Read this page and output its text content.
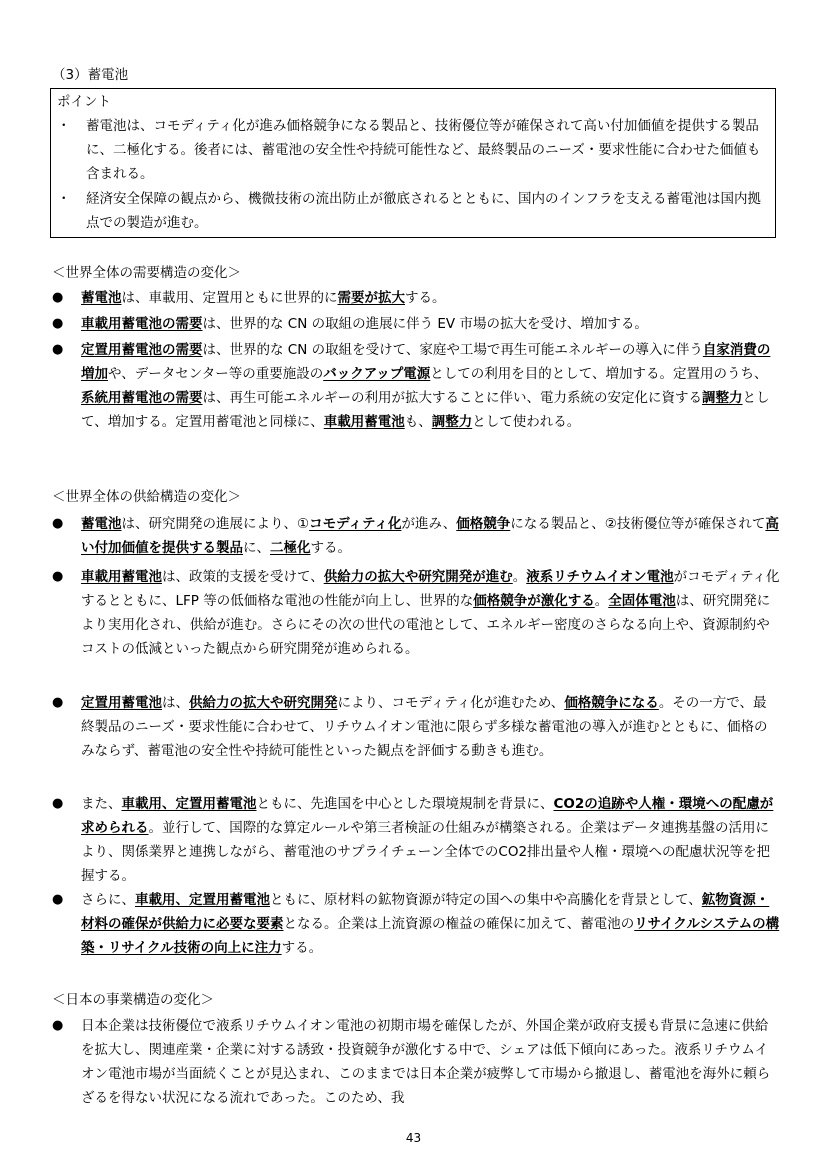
（3）蓄電池
ポイント
・ 蓄電池は、コモディティ化が進み価格競争になる製品と、技術優位等が確保されて高い付加価値を提供する製品に、二極化する。後者には、蓄電池の安全性や持続可能性など、最終製品のニーズ・要求性能に合わせた価値も含まれる。
・ 経済安全保障の観点から、機微技術の流出防止が徹底されるとともに、国内のインフラを支える蓄電池は国内拠点での製造が進む。
＜世界全体の需要構造の変化＞
● 蓄電池は、車載用、定置用ともに世界的に需要が拡大する。
● 車載用蓄電池の需要は、世界的な CN の取組の進展に伴う EV 市場の拡大を受け、増加する。
● 定置用蓄電池の需要は、世界的な CN の取組を受けて、家庭や工場で再生可能エネルギーの導入に伴う自家消費の増加や、データセンター等の重要施設のバックアップ電源としての利用を目的として、増加する。定置用のうち、系統用蓄電池の需要は、再生可能エネルギーの利用が拡大することに伴い、電力系統の安定化に資する調整力として、増加する。定置用蓄電池と同様に、車載用蓄電池も、調整力として使われる。
＜世界全体の供給構造の変化＞
● 蓄電池は、研究開発の進展により、①コモディティ化が進み、価格競争になる製品と、②技術優位等が確保されて高い付加価値を提供する製品に、二極化する。
● 車載用蓄電池は、政策的支援を受けて、供給力の拡大や研究開発が進む。液系リチウムイオン電池がコモディティ化するとともに、LFP 等の低価格な電池の性能が向上し、世界的な価格競争が激化する。全固体電池は、研究開発により実用化され、供給が進む。さらにその次の世代の電池として、エネルギー密度のさらなる向上や、資源制約やコストの低減といった観点から研究開発が進められる。
● 定置用蓄電池は、供給力の拡大や研究開発により、コモディティ化が進むため、価格競争になる。その一方で、最終製品のニーズ・要求性能に合わせて、リチウムイオン電池に限らず多様な蓄電池の導入が進むとともに、価格のみならず、蓄電池の安全性や持続可能性といった観点を評価する動きも進む。
● また、車載用、定置用蓄電池ともに、先進国を中心とした環境規制を背景に、CO2の追跡や人権・環境への配慮が求められる。並行して、国際的な算定ルールや第三者検証の仕組みが構築される。企業はデータ連携基盤の活用により、関係業界と連携しながら、蓄電池のサプライチェーン全体でのCO2排出量や人権・環境への配慮状況等を把握する。
● さらに、車載用、定置用蓄電池ともに、原材料の鉱物資源が特定の国への集中や高騰化を背景として、鉱物資源・材料の確保が供給力に必要な要素となる。企業は上流資源の権益の確保に加えて、蓄電池のリサイクルシステムの構築・リサイクル技術の向上に注力する。
＜日本の事業構造の変化＞
● 日本企業は技術優位で液系リチウムイオン電池の初期市場を確保したが、外国企業が政府支援も背景に急速に供給を拡大し、関連産業・企業に対する誘致・投資競争が激化する中で、シェアは低下傾向にあった。液系リチウムイオン電池市場が当面続くことが見込まれ、このままでは日本企業が疲弊して市場から撤退し、蓄電池を海外に頼らざるを得ない状況になる流れであった。このため、我
43
